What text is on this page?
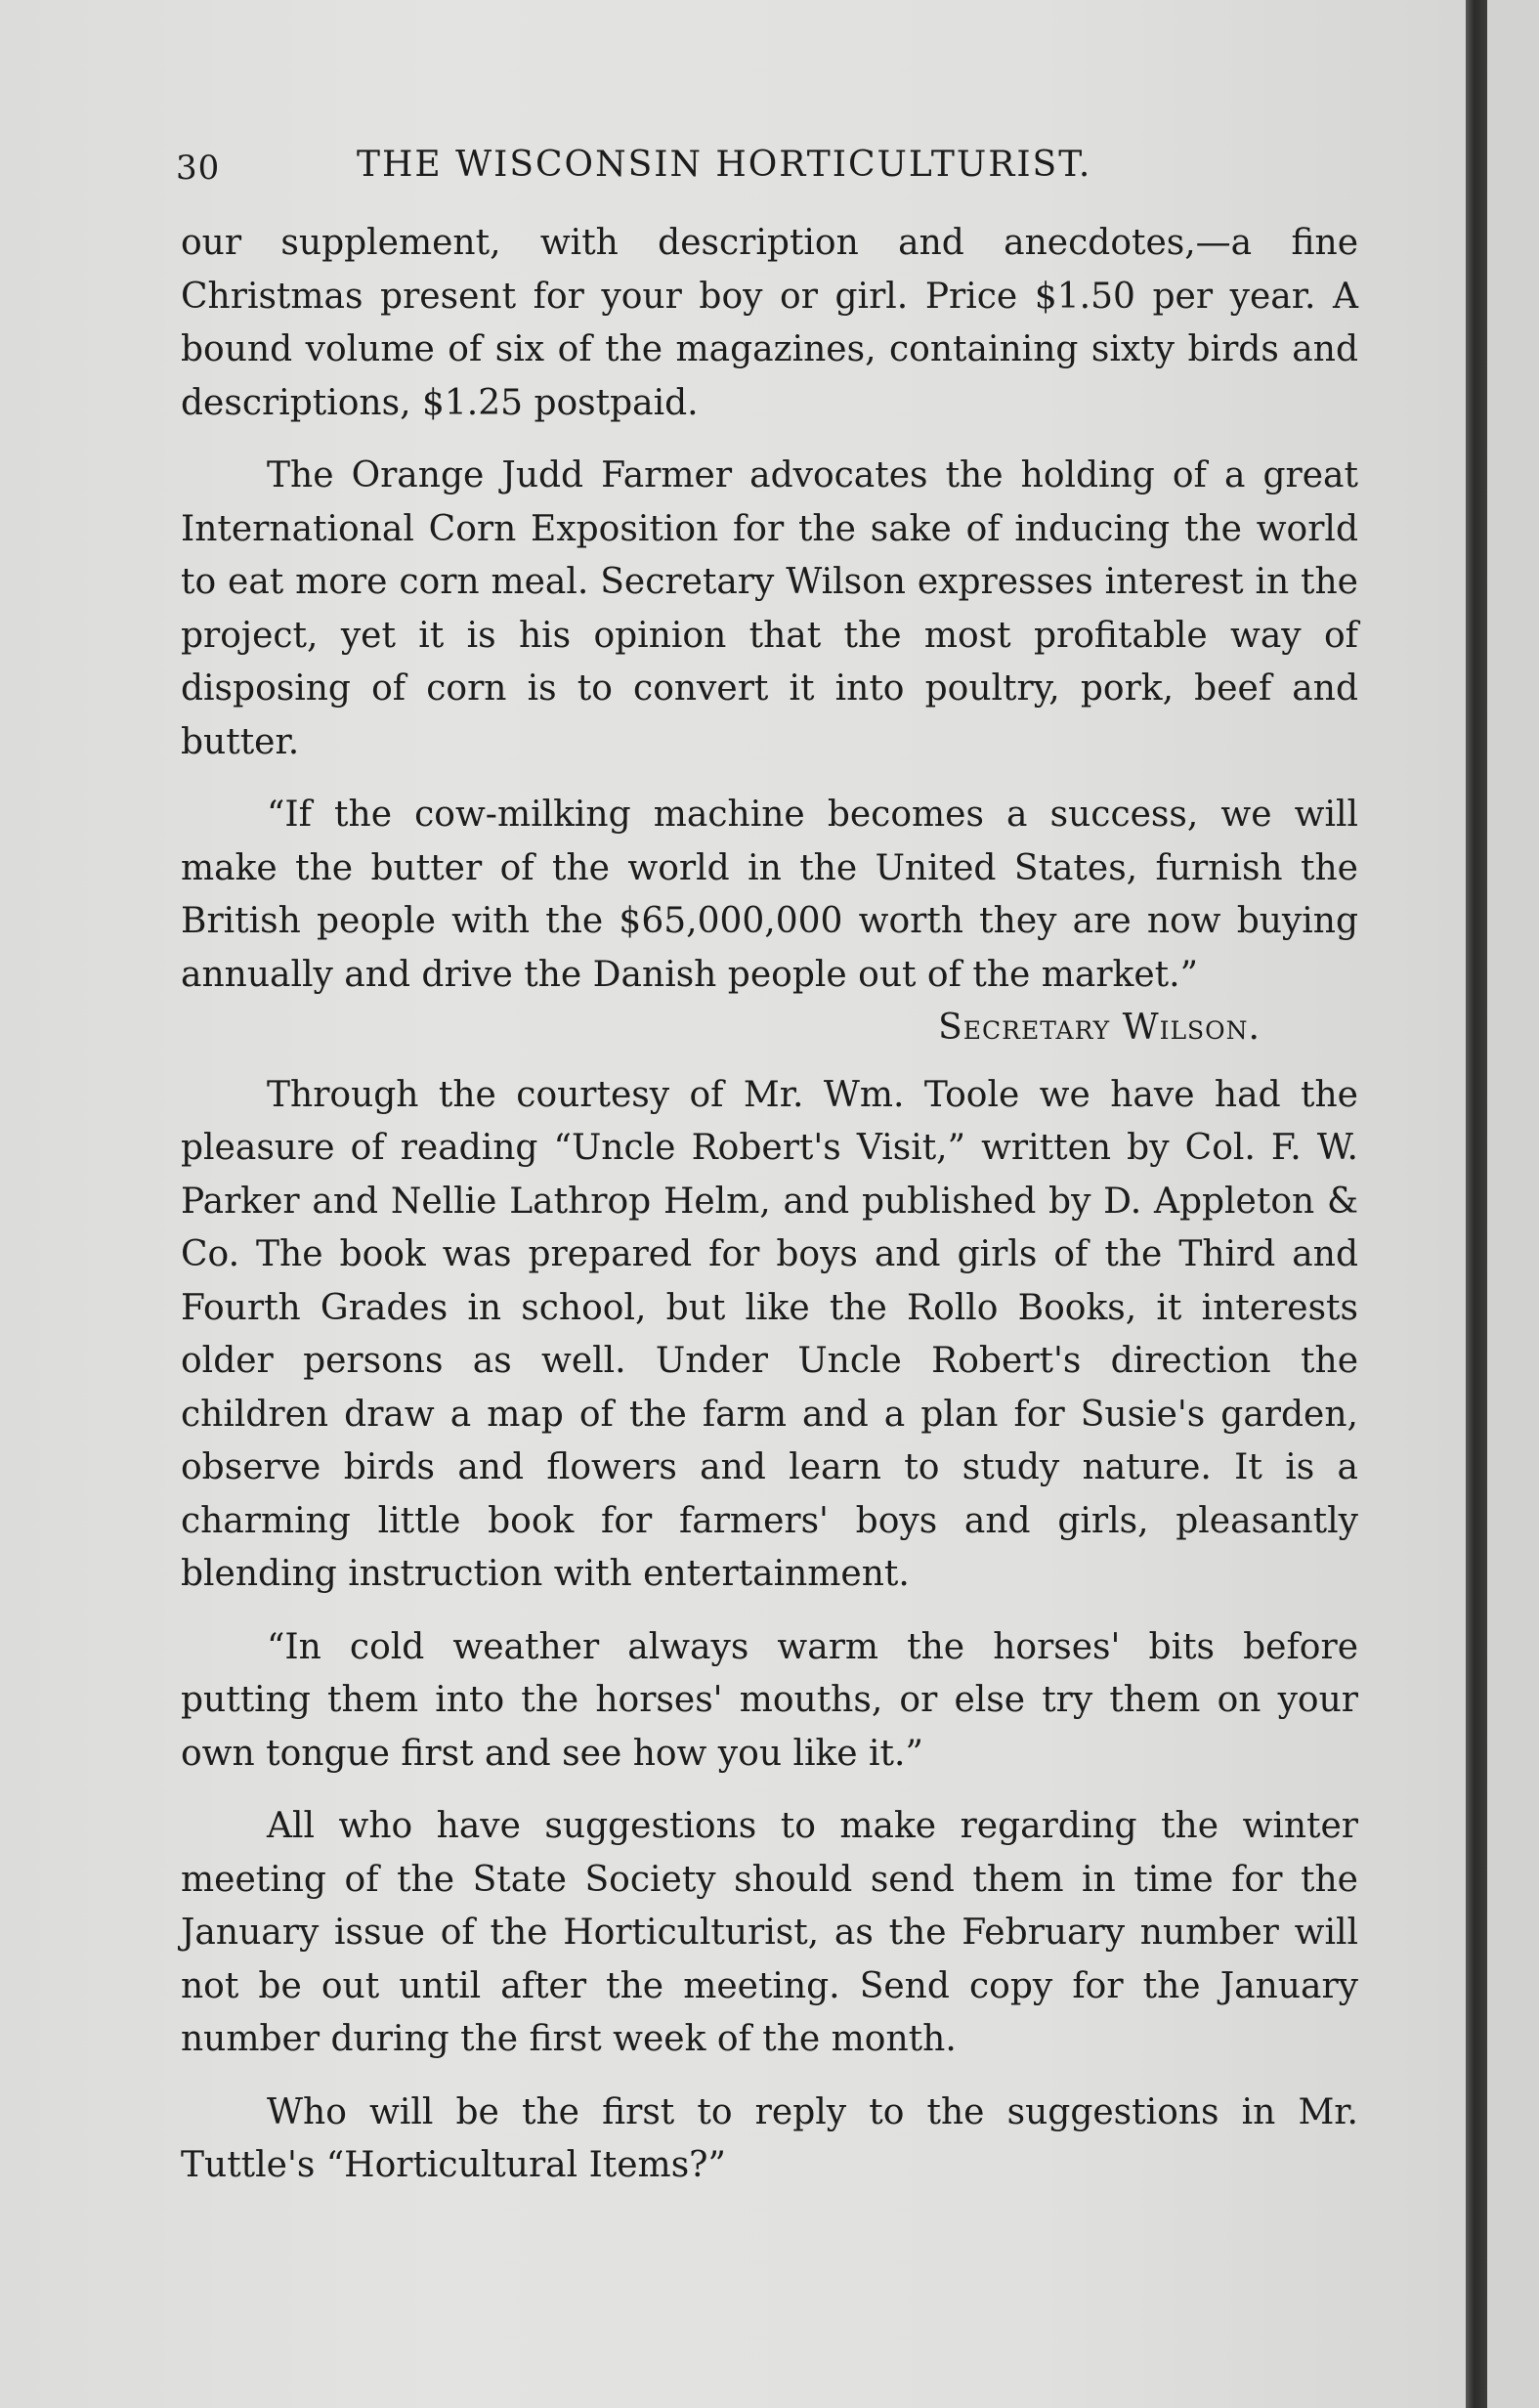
30	THE WISCONSIN HORTICULTURIST.

our supplement, with description and anecdotes,—a fine Christmas present for your boy or girl. Price $1.50 per year. A bound volume of six of the magazines, containing sixty birds and descriptions, $1.25 postpaid.

The Orange Judd Farmer advocates the holding of a great International Corn Exposition for the sake of inducing the world to eat more corn meal. Secretary Wilson expresses interest in the project, yet it is his opinion that the most profitable way of disposing of corn is to convert it into poultry, pork, beef and butter.

“If the cow-milking machine becomes a success, we will make the butter of the world in the United States, furnish the British people with the $65,000,000 worth they are now buying annually and drive the Danish people out of the market.”
Secretary Wilson.

Through the courtesy of Mr. Wm. Toole we have had the pleasure of reading “Uncle Robert's Visit,” written by Col. F. W. Parker and Nellie Lathrop Helm, and published by D. Appleton & Co. The book was prepared for boys and girls of the Third and Fourth Grades in school, but like the Rollo Books, it interests older persons as well. Under Uncle Robert's direction the children draw a map of the farm and a plan for Susie's garden, observe birds and flowers and learn to study nature. It is a charming little book for farmers' boys and girls, pleasantly blending instruction with entertainment.

“In cold weather always warm the horses' bits before putting them into the horses' mouths, or else try them on your own tongue first and see how you like it.”

All who have suggestions to make regarding the winter meeting of the State Society should send them in time for the January issue of the Horticulturist, as the February number will not be out until after the meeting. Send copy for the January number during the first week of the month.

Who will be the first to reply to the suggestions in Mr. Tuttle's “Horticultural Items?”
